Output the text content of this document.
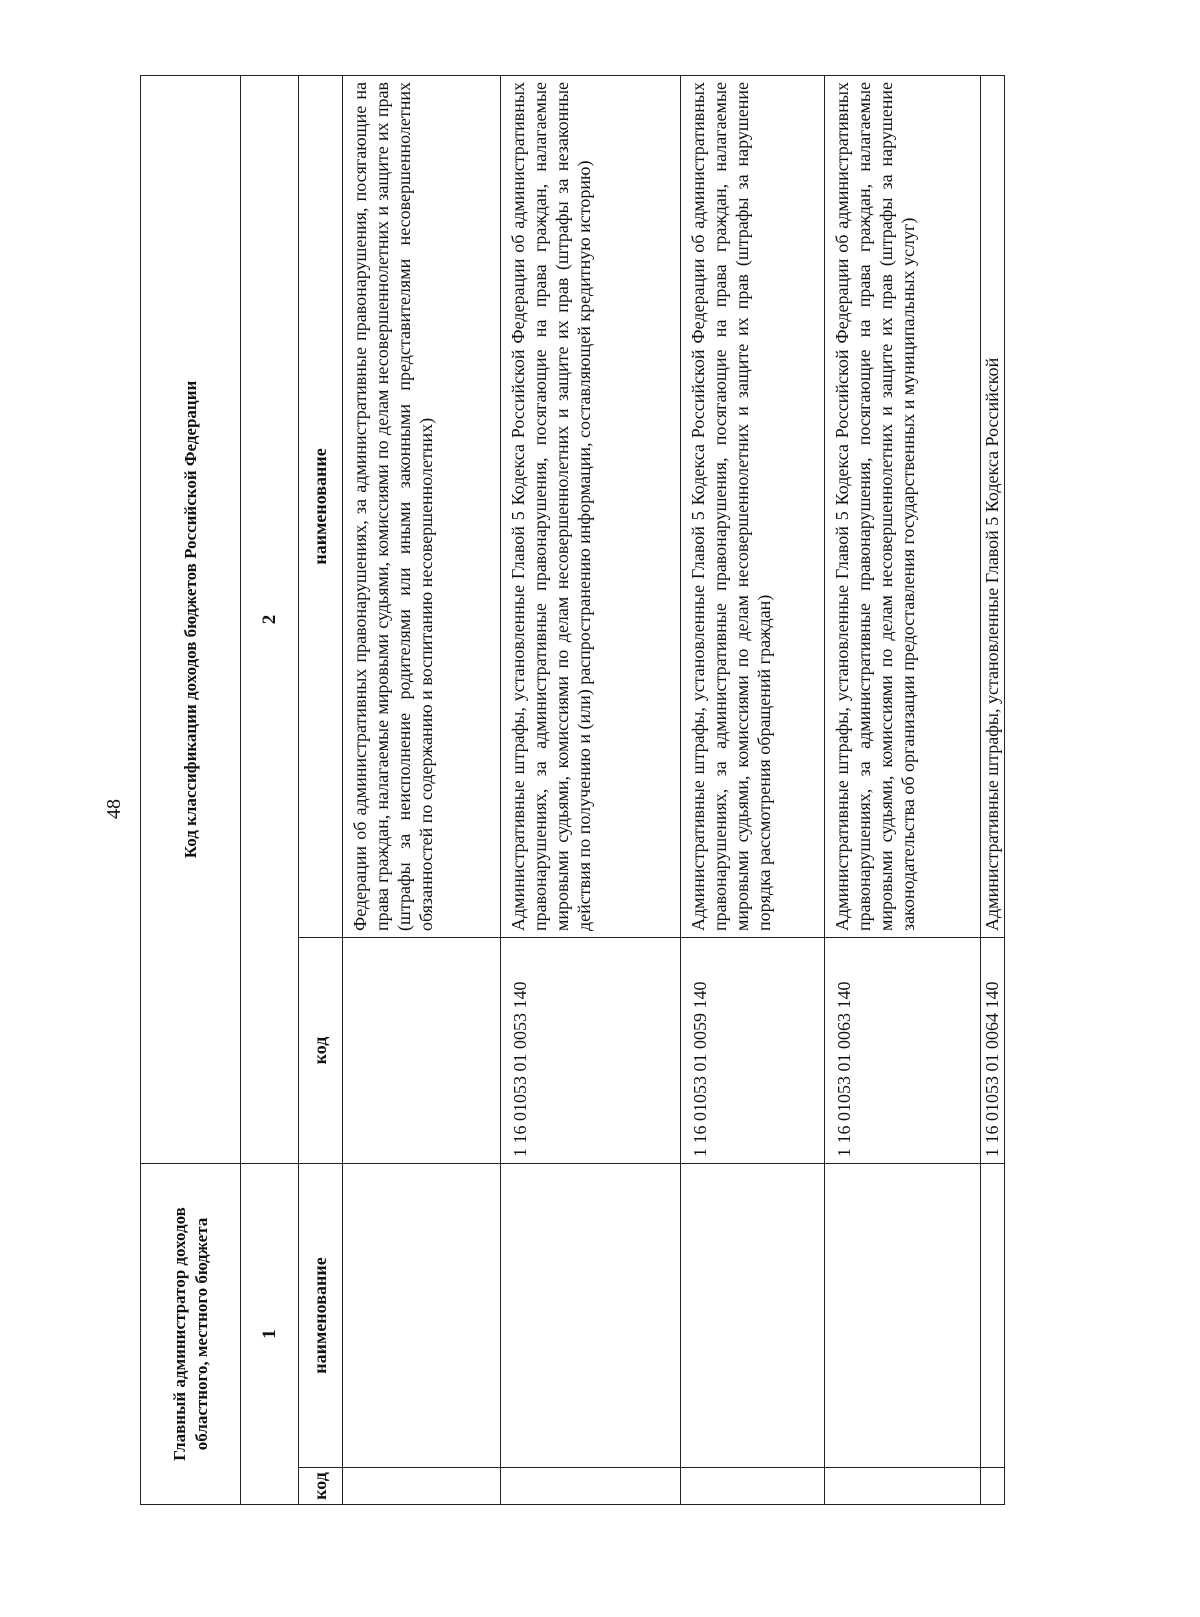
48
Главный администратор доходов областного, местного бюджета		Код классификации доходов бюджетов Российской Федерации	
1		2	
код	наименование	код	наименование
			Федерации об административных правонарушениях, за административные правонарушения, посягающие на права граждан, налагаемые мировыми судьями, комиссиями по делам несовершеннолетних и защите их прав (штрафы за неисполнение родителями или иными законными представителями несовершеннолетних обязанностей по содержанию и воспитанию несовершеннолетних)
		1 16 01053 01 0053 140	Административные штрафы, установленные Главой 5 Кодекса Российской Федерации об административных правонарушениях, за административные правонарушения, посягающие на права граждан, налагаемые мировыми судьями, комиссиями по делам несовершеннолетних и защите их прав (штрафы за незаконные действия по получению и (или) распространению информации, составляющей кредитную историю)
		1 16 01053 01 0059 140	Административные штрафы, установленные Главой 5 Кодекса Российской Федерации об административных правонарушениях, за административные правонарушения, посягающие на права граждан, налагаемые мировыми судьями, комиссиями по делам несовершеннолетних и защите их прав (штрафы за нарушение порядка рассмотрения обращений граждан)
		1 16 01053 01 0063 140	Административные штрафы, установленные Главой 5 Кодекса Российской Федерации об административных правонарушениях, за административные правонарушения, посягающие на права граждан, налагаемые мировыми судьями, комиссиями по делам несовершеннолетних и защите их прав (штрафы за нарушение законодательства об организации предоставления государственных и муниципальных услуг)
		1 16 01053 01 0064 140	Административные штрафы, установленные Главой 5 Кодекса Российской
